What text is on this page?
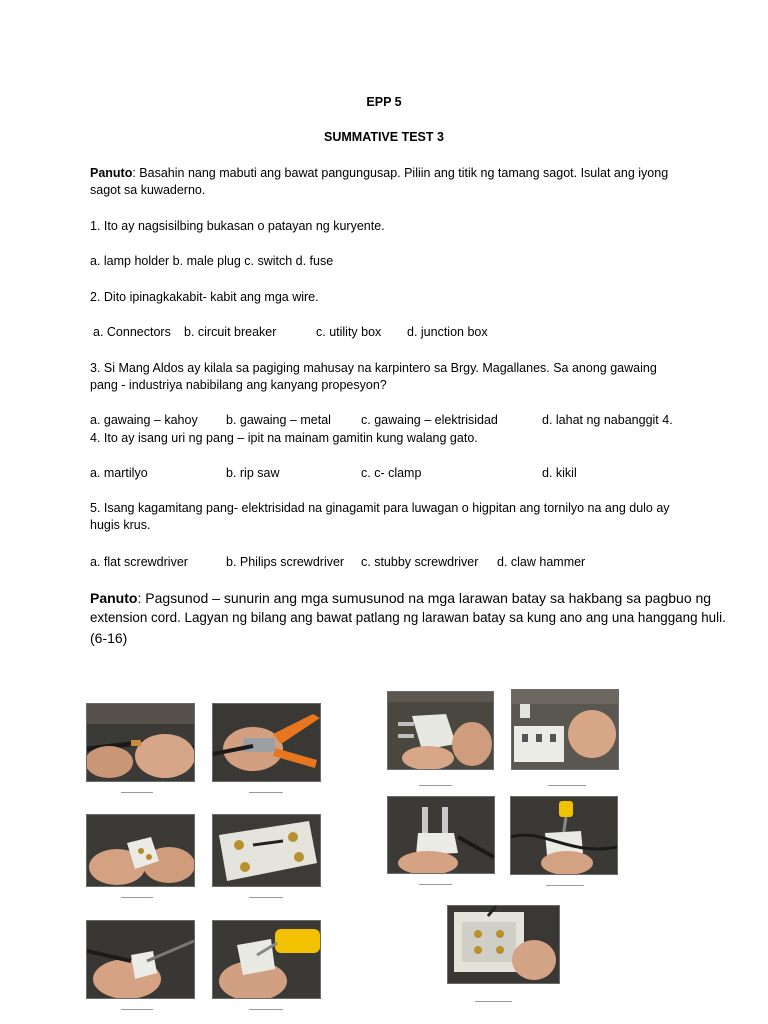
EPP 5
SUMMATIVE TEST 3
Panuto: Basahin nang mabuti ang bawat pangungusap. Piliin ang titik ng tamang sagot. Isulat ang iyong
sagot sa kuwaderno.
1. Ito ay nagsisilbing bukasan o patayan ng kuryente.
a. lamp holder b. male plug c. switch d. fuse
2. Dito ipinagkakabit- kabit ang mga wire.
a. Connectors b. circuit breaker	c. utility box d. junction box
3. Si Mang Aldos ay kilala sa pagiging mahusay na karpintero sa Brgy. Magallanes. Sa anong gawaing
pang - industriya nabibilang ang kanyang propesyon?
a. gawaing – kahoy b. gawaing – metal c. gawaing – elektrisidad	d. lahat ng nabanggit 4.
4. Ito ay isang uri ng pang – ipit na mainam gamitin kung walang gato.
a. martilyo	b. rip saw	c. c- clamp	d. kikil
5. Isang kagamitang pang- elektrisidad na ginagamit para luwagan o higpitan ang tornilyo na ang dulo ay
hugis krus.
a. flat screwdriver	b. Philips screwdriver c. stubby screwdriver d. claw hammer
Panuto: Pagsunod – sunurin ang mga sumusunod na mga larawan batay sa hakbang sa pagbuo ng
extension cord. Lagyan ng bilang ang bawat patlang ng larawan batay sa kung ano ang una hanggang huli.
(6-16)
